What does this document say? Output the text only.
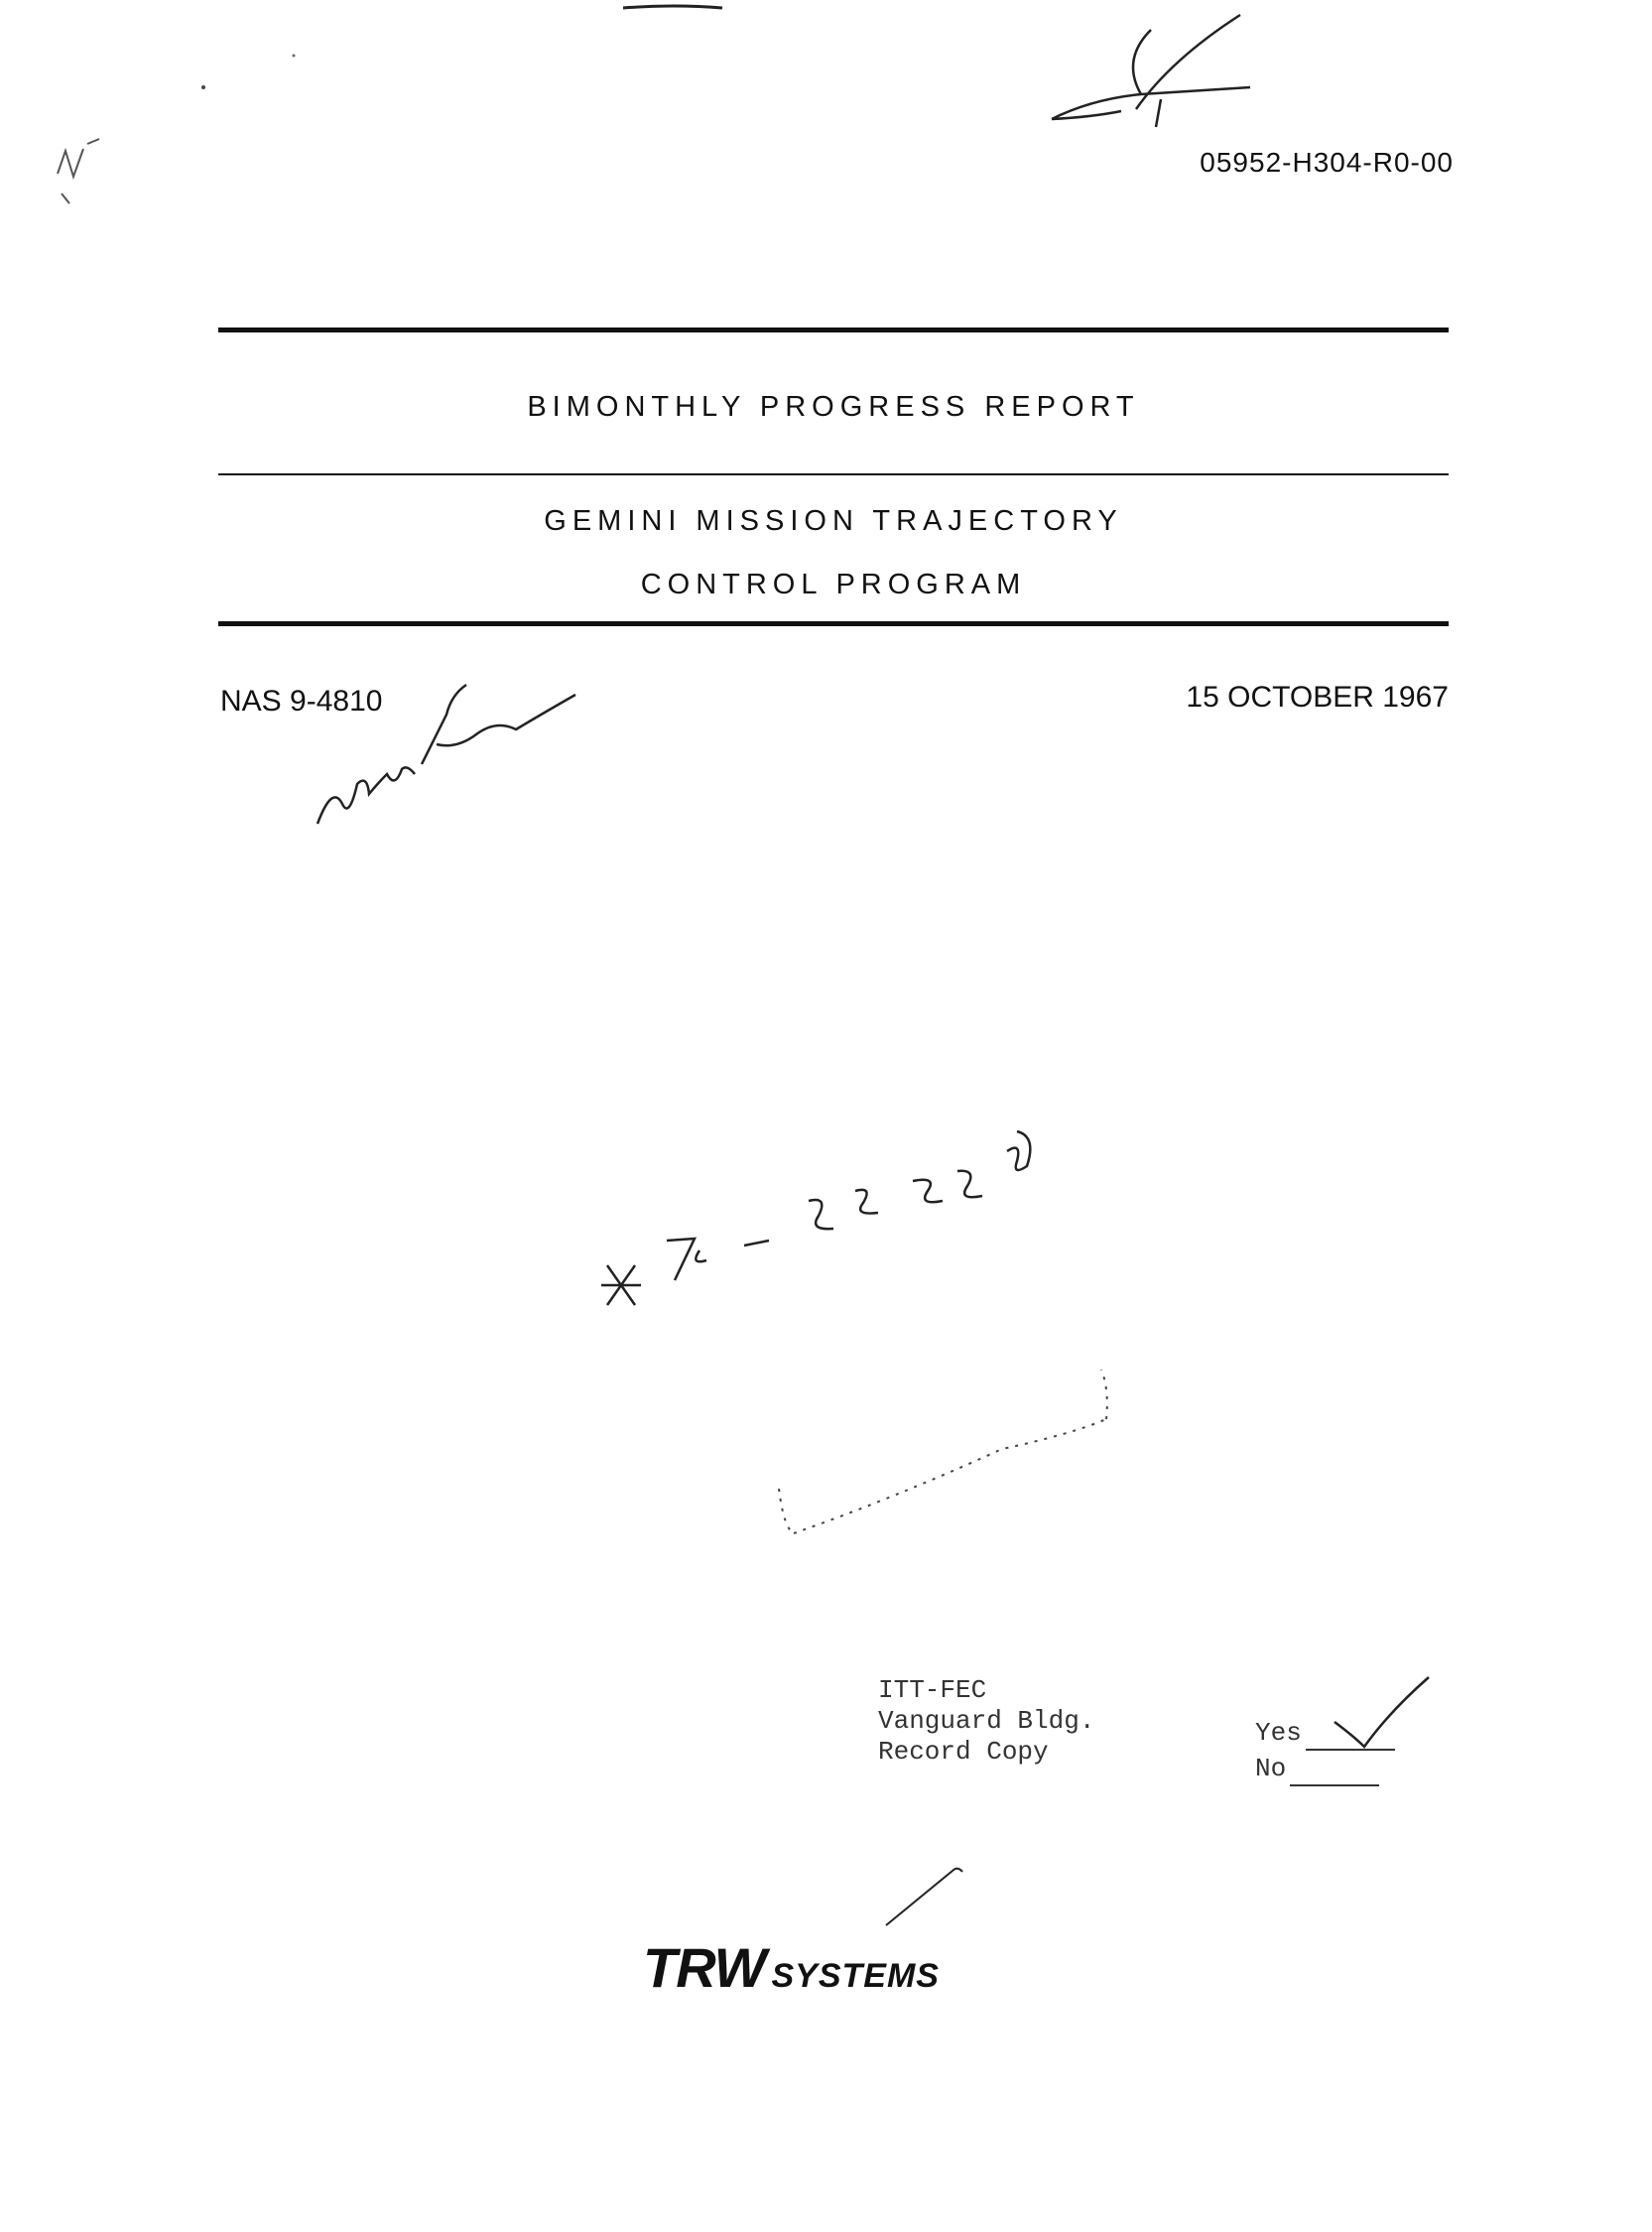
05952-H304-R0-00
BIMONTHLY PROGRESS REPORT
GEMINI MISSION TRAJECTORY
CONTROL PROGRAM
NAS 9-4810	15 OCTOBER 1967
ITT-FEC
Vanguard Bldg.
Record Copy
Yes
No
TRW SYSTEMS
